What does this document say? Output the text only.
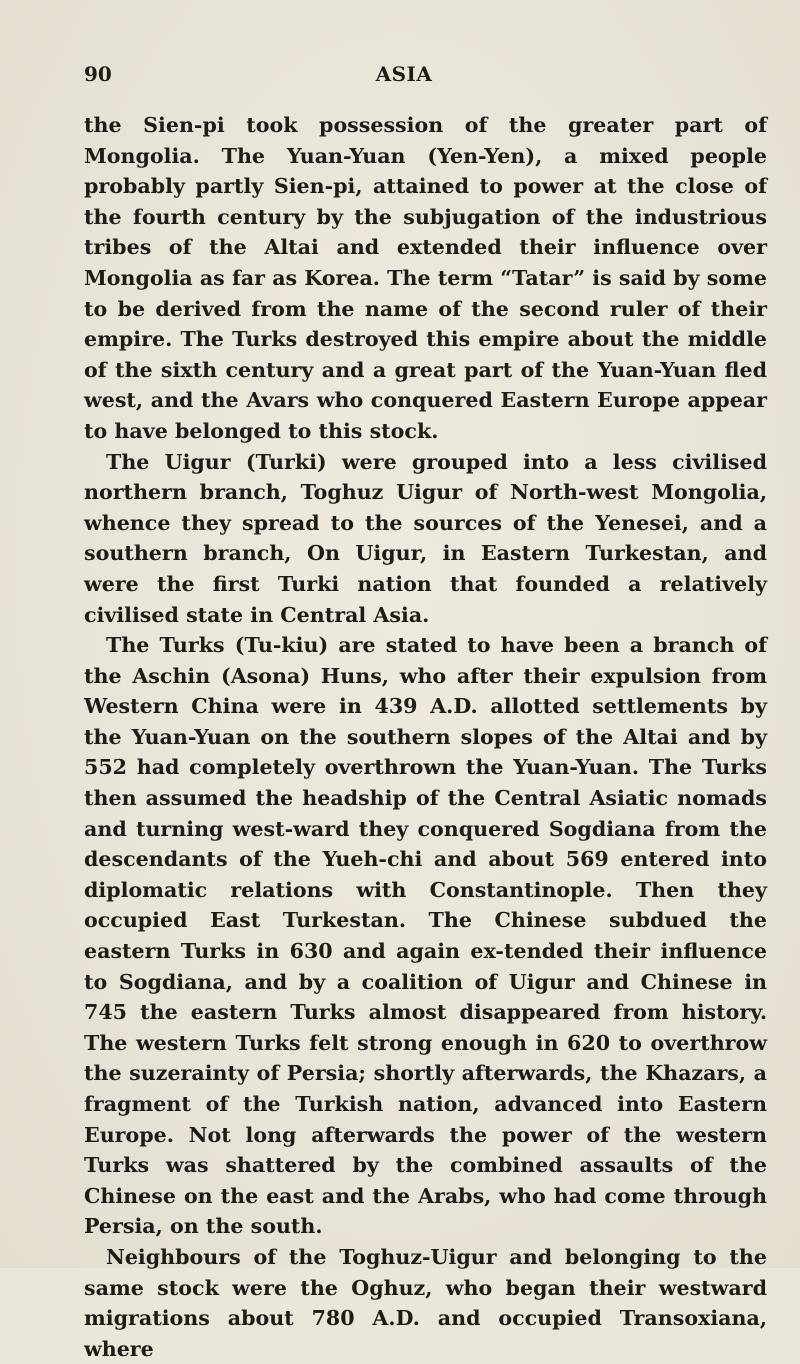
90	ASIA

the Sien-pi took possession of the greater part of Mongolia. The Yuan-Yuan (Yen-Yen), a mixed people probably partly Sien-pi, attained to power at the close of the fourth century by the subjugation of the industrious tribes of the Altai and extended their influence over Mongolia as far as Korea. The term “Tatar” is said by some to be derived from the name of the second ruler of their empire. The Turks destroyed this empire about the middle of the sixth century and a great part of the Yuan-Yuan fled west, and the Avars who conquered Eastern Europe appear to have belonged to this stock.

The Uigur (Turki) were grouped into a less civilised northern branch, Toghuz Uigur of North-west Mongolia, whence they spread to the sources of the Yenesei, and a southern branch, On Uigur, in Eastern Turkestan, and were the first Turki nation that founded a relatively civilised state in Central Asia.

The Turks (Tu-kiu) are stated to have been a branch of the Aschin (Asona) Huns, who after their expulsion from Western China were in 439 A.D. allotted settlements by the Yuan-Yuan on the southern slopes of the Altai and by 552 had completely overthrown the Yuan-Yuan. The Turks then assumed the headship of the Central Asiatic nomads and turning west-ward they conquered Sogdiana from the descendants of the Yueh-chi and about 569 entered into diplomatic relations with Constantinople. Then they occupied East Turkestan. The Chinese subdued the eastern Turks in 630 and again ex-tended their influence to Sogdiana, and by a coalition of Uigur and Chinese in 745 the eastern Turks almost disappeared from history. The western Turks felt strong enough in 620 to overthrow the suzerainty of Persia; shortly afterwards, the Khazars, a fragment of the Turkish nation, advanced into Eastern Europe. Not long afterwards the power of the western Turks was shattered by the combined assaults of the Chinese on the east and the Arabs, who had come through Persia, on the south.

Neighbours of the Toghuz-Uigur and belonging to the same stock were the Oghuz, who began their westward migrations about 780 A.D. and occupied Transoxiana, where
